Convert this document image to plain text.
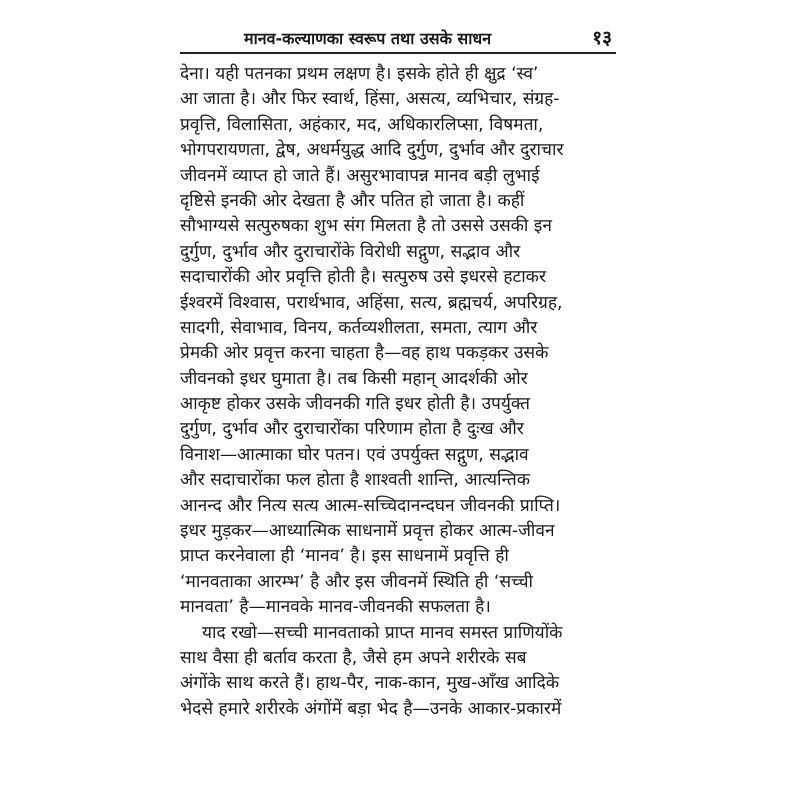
मानव-कल्याणका स्वरूप तथा उसके साधन	१३
देना। यही पतनका प्रथम लक्षण है। इसके होते ही क्षुद्र ‘स्व’
आ जाता है। और फिर स्वार्थ, हिंसा, असत्य, व्यभिचार, संग्रह-
प्रवृत्ति, विलासिता, अहंकार, मद, अधिकारलिप्सा, विषमता,
भोगपरायणता, द्वेष, अधर्मयुद्ध आदि दुर्गुण, दुर्भाव और दुराचार
जीवनमें व्याप्त हो जाते हैं। असुरभावापन्न मानव बड़ी लुभाई
दृष्टिसे इनकी ओर देखता है और पतित हो जाता है। कहीं
सौभाग्यसे सत्पुरुषका शुभ संग मिलता है तो उससे उसकी इन
दुर्गुण, दुर्भाव और दुराचारोंके विरोधी सद्गुण, सद्भाव और
सदाचारोंकी ओर प्रवृत्ति होती है। सत्पुरुष उसे इधरसे हटाकर
ईश्वरमें विश्वास, परार्थभाव, अहिंसा, सत्य, ब्रह्मचर्य, अपरिग्रह,
सादगी, सेवाभाव, विनय, कर्तव्यशीलता, समता, त्याग और
प्रेमकी ओर प्रवृत्त करना चाहता है—वह हाथ पकड़कर उसके
जीवनको इधर घुमाता है। तब किसी महान् आदर्शकी ओर
आकृष्ट होकर उसके जीवनकी गति इधर होती है। उपर्युक्त
दुर्गुण, दुर्भाव और दुराचारोंका परिणाम होता है दुःख और
विनाश—आत्माका घोर पतन। एवं उपर्युक्त सद्गुण, सद्भाव
और सदाचारोंका फल होता है शाश्वती शान्ति, आत्यन्तिक
आनन्द और नित्य सत्य आत्म-सच्चिदानन्दघन जीवनकी प्राप्ति।
इधर मुड़कर—आध्यात्मिक साधनामें प्रवृत्त होकर आत्म-जीवन
प्राप्त करनेवाला ही ‘मानव’ है। इस साधनामें प्रवृत्ति ही
‘मानवताका आरम्भ’ है और इस जीवनमें स्थिति ही ‘सच्ची
मानवता’ है—मानवके मानव-जीवनकी सफलता है।
याद रखो—सच्ची मानवताको प्राप्त मानव समस्त प्राणियोंके
साथ वैसा ही बर्ताव करता है, जैसे हम अपने शरीरके सब
अंगोंके साथ करते हैं। हाथ-पैर, नाक-कान, मुख-आँख आदिके
भेदसे हमारे शरीरके अंगोंमें बड़ा भेद है—उनके आकार-प्रकारमें
